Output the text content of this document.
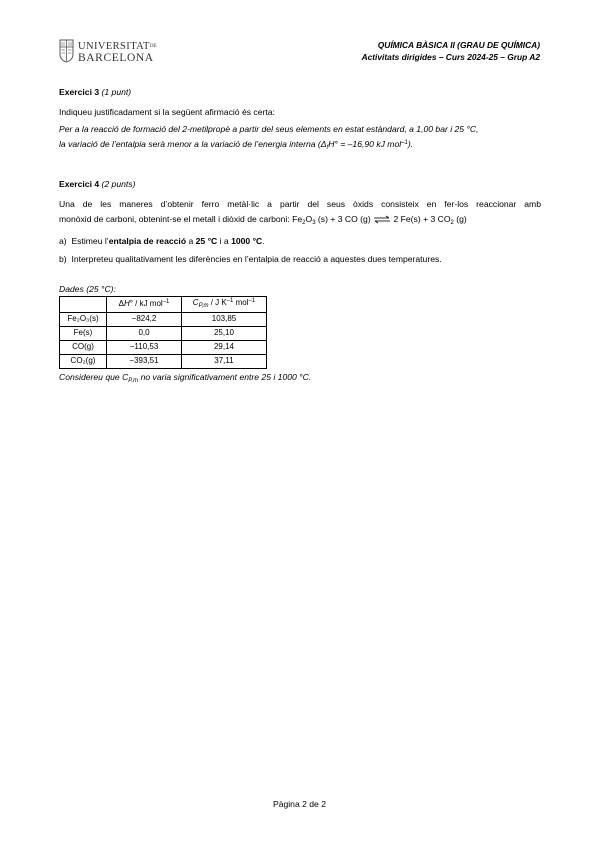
UNIVERSITATDE
BARCELONA
QUÍMICA BÀSICA II (GRAU DE QUÍMICA)
Activitats dirigides – Curs 2024-25 – Grup A2

Exercici 3 (1 punt)

Indiqueu justificadament si la següent afirmació és certa:

Per a la reacció de formació del 2-metilpropè a partir del seus elements en estat estàndard, a 1,00 bar i 25 °C,

la variació de l’entalpia serà menor a la variació de l’energia interna ($\Delta_fH^\circ = -16,90$ kJ mol$^{-1}$).

Exercici 4 (2 punts)

Una de les maneres d’obtenir ferro metàl·lic a partir del seus òxids consisteix en fer-los reaccionar amb

monòxid de carboni, obtenint-se el metall i diòxid de carboni: $Fe_2O_3$ (s) + 3 CO (g) ⇌ 2 Fe(s) + 3 $CO_2$ (g)

a) Estimeu l’entalpia de reacció a 25 °C i a 1000 °C.

b) Interpreteu qualitativament les diferències en l’entalpia de reacció a aquestes dues temperatures.

Dades (25 °C):
	ΔH° / kJ mol$^{-1}$	$C_{P,m}$ / J $K^{-1}$ mol$^{-1}$
Fe₂O₃(s)	−824,2	103,85
Fe(s)	0,0	25,10
CO(g)	−110,53	29,14
CO₂(g)	−393,51	37,11
Considereu que $C_{P,m}$ no varia significativament entre 25 i 1000 °C.
Pàgina 2 de 2
